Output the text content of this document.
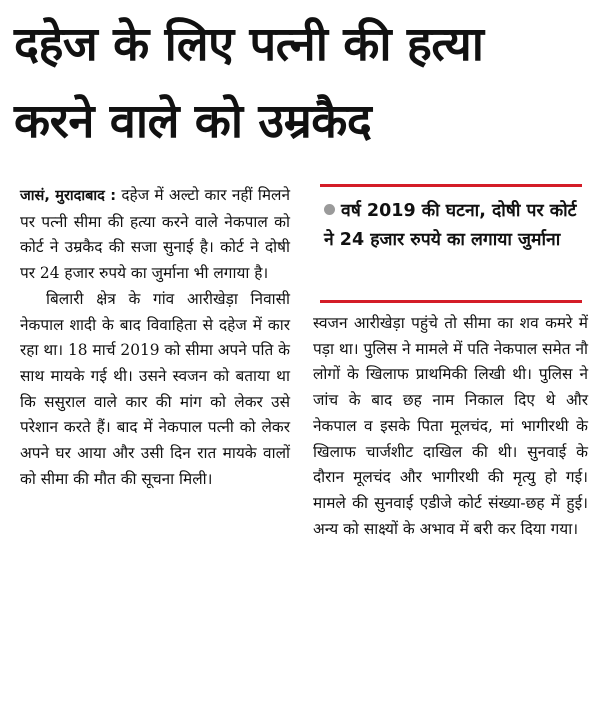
दहेज के लिए पत्नी की हत्या
करने वाले को उम्रकैद

जासं, मुरादाबाद : दहेज में अल्टो कार नहीं मिलने पर पत्नी सीमा की हत्या करने वाले नेकपाल को कोर्ट ने उम्रकैद की सजा सुनाई है। कोर्ट ने दोषी पर 24 हजार रुपये का जुर्माना भी लगाया है।

बिलारी क्षेत्र के गांव आरीखेड़ा निवासी नेकपाल शादी के बाद विवाहिता से दहेज में कार रहा था। 18 मार्च 2019 को सीमा अपने पति के साथ मायके गई थी। उसने स्वजन को बताया था कि ससुराल वाले कार की मांग को लेकर उसे परेशान करते हैं। बाद में नेकपाल पत्नी को लेकर अपने घर आया और उसी दिन रात मायके वालों को सीमा की मौत की सूचना मिली।

वर्ष 2019 की घटना, दोषी पर कोर्ट ने 24 हजार रुपये का लगाया जुर्माना

स्वजन आरीखेड़ा पहुंचे तो सीमा का शव कमरे में पड़ा था। पुलिस ने मामले में पति नेकपाल समेत नौ लोगों के खिलाफ प्राथमिकी लिखी थी। पुलिस ने जांच के बाद छह नाम निकाल दिए थे और नेकपाल व इसके पिता मूलचंद, मां भागीरथी के खिलाफ चार्जशीट दाखिल की थी। सुनवाई के दौरान मूलचंद और भागीरथी की मृत्यु हो गई। मामले की सुनवाई एडीजे कोर्ट संख्या-छह में हुई। अन्य को साक्ष्यों के अभाव में बरी कर दिया गया।
